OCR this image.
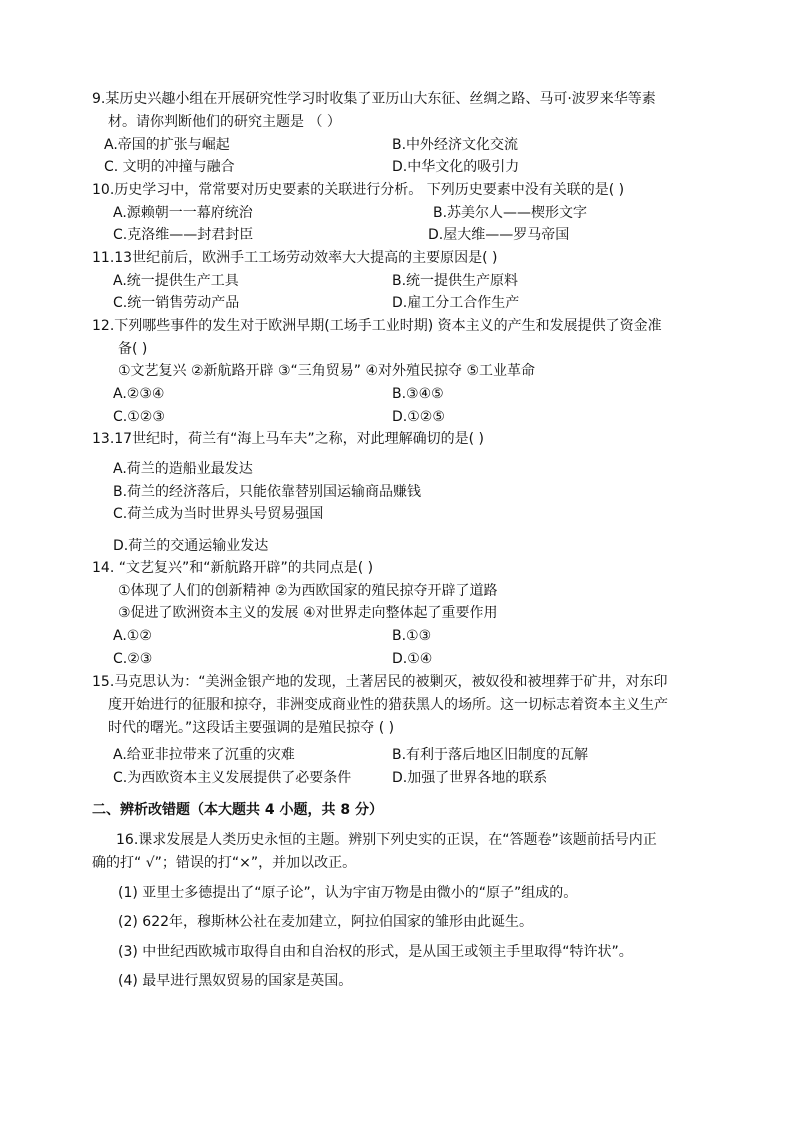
9.某历史兴趣小组在开展研究性学习时收集了亚历山大东征、丝绸之路、马可·波罗来华等素
材。请你判断他们的研究主题是 （ ）
A.帝国的扩张与崛起	B.中外经济文化交流
C. 文明的冲撞与融合	D.中华文化的吸引力
10.历史学习中，常常要对历史要素的关联进行分析。 下列历史要素中没有关联的是( )
A.源赖朝一一幕府统治	B.苏美尔人——楔形文字
C.克洛维——封君封臣	D.屋大维——罗马帝国
11.13世纪前后，欧洲手工工场劳动效率大大提高的主要原因是( )
A.统一提供生产工具	B.统一提供生产原料
C.统一销售劳动产品	D.雇工分工合作生产
12.下列哪些事件的发生对于欧洲早期(工场手工业时期) 资本主义的产生和发展提供了资金准
备( )
①文艺复兴 ②新航路开辟 ③“三角贸易” ④对外殖民掠夺 ⑤工业革命
A.②③④	B.③④⑤
C.①②③	D.①②⑤
13.17世纪时，荷兰有“海上马车夫”之称，对此理解确切的是( )
A.荷兰的造船业最发达
B.荷兰的经济落后，只能依靠替别国运输商品赚钱
C.荷兰成为当时世界头号贸易强国
D.荷兰的交通运输业发达
14. “文艺复兴”和“新航路开辟”的共同点是( )
①体现了人们的创新精神 ②为西欧国家的殖民掠夺开辟了道路
③促进了欧洲资本主义的发展 ④对世界走向整体起了重要作用
A.①②	B.①③
C.②③	D.①④
15.马克思认为：“美洲金银产地的发现，土著居民的被剿灭，被奴役和被埋葬于矿井，对东印
度开始进行的征服和掠夺，非洲变成商业性的猎获黑人的场所。这一切标志着资本主义生产
时代的曙光。”这段话主要强调的是殖民掠夺 ( )
A.给亚非拉带来了沉重的灾难	B.有利于落后地区旧制度的瓦解
C.为西欧资本主义发展提供了必要条件	D.加强了世界各地的联系
二、辨析改错题（本大题共 4 小题，共 8 分）
16.课求发展是人类历史永恒的主题。辨别下列史实的正误，在“答题卷”该题前括号内正
确的打“ √”；错误的打“×”，并加以改正。
(1) 亚里士多德提出了“原子论”，认为宇宙万物是由微小的“原子”组成的。
(2) 622年，穆斯林公社在麦加建立，阿拉伯国家的雏形由此诞生。
(3) 中世纪西欧城市取得自由和自治权的形式，是从国王或领主手里取得“特许状”。
(4) 最早进行黑奴贸易的国家是英国。
